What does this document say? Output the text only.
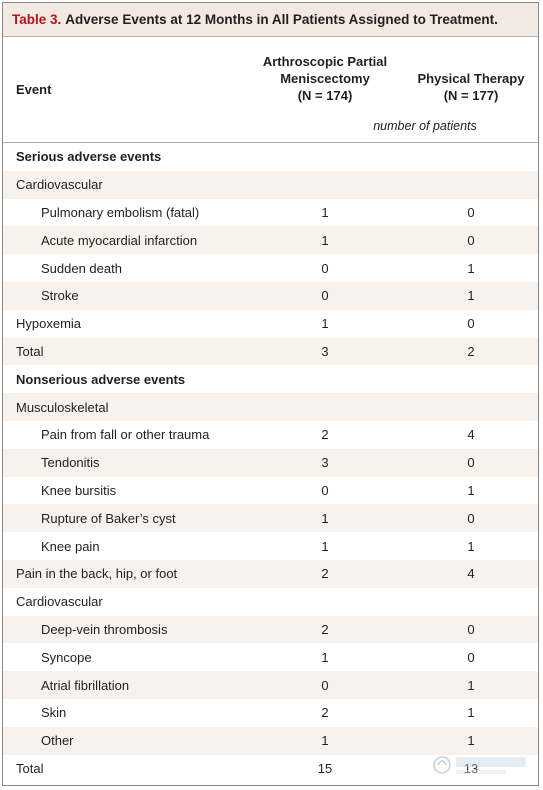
Table 3. Adverse Events at 12 Months in All Patients Assigned to Treatment.
Event
Arthroscopic Partial
Meniscectomy
(N = 174)
Physical Therapy
(N = 177)
number of patients
Serious adverse events
Cardiovascular
Pulmonary embolism (fatal)	1	0
Acute myocardial infarction	1	0
Sudden death	0	1
Stroke	0	1
Hypoxemia	1	0
Total	3	2
Nonserious adverse events
Musculoskeletal
Pain from fall or other trauma	2	4
Tendonitis	3	0
Knee bursitis	0	1
Rupture of Baker’s cyst	1	0
Knee pain	1	1
Pain in the back, hip, or foot	2	4
Cardiovascular
Deep-vein thrombosis	2	0
Syncope	1	0
Atrial fibrillation	0	1
Skin	2	1
Other	1	1
Total	15	13
